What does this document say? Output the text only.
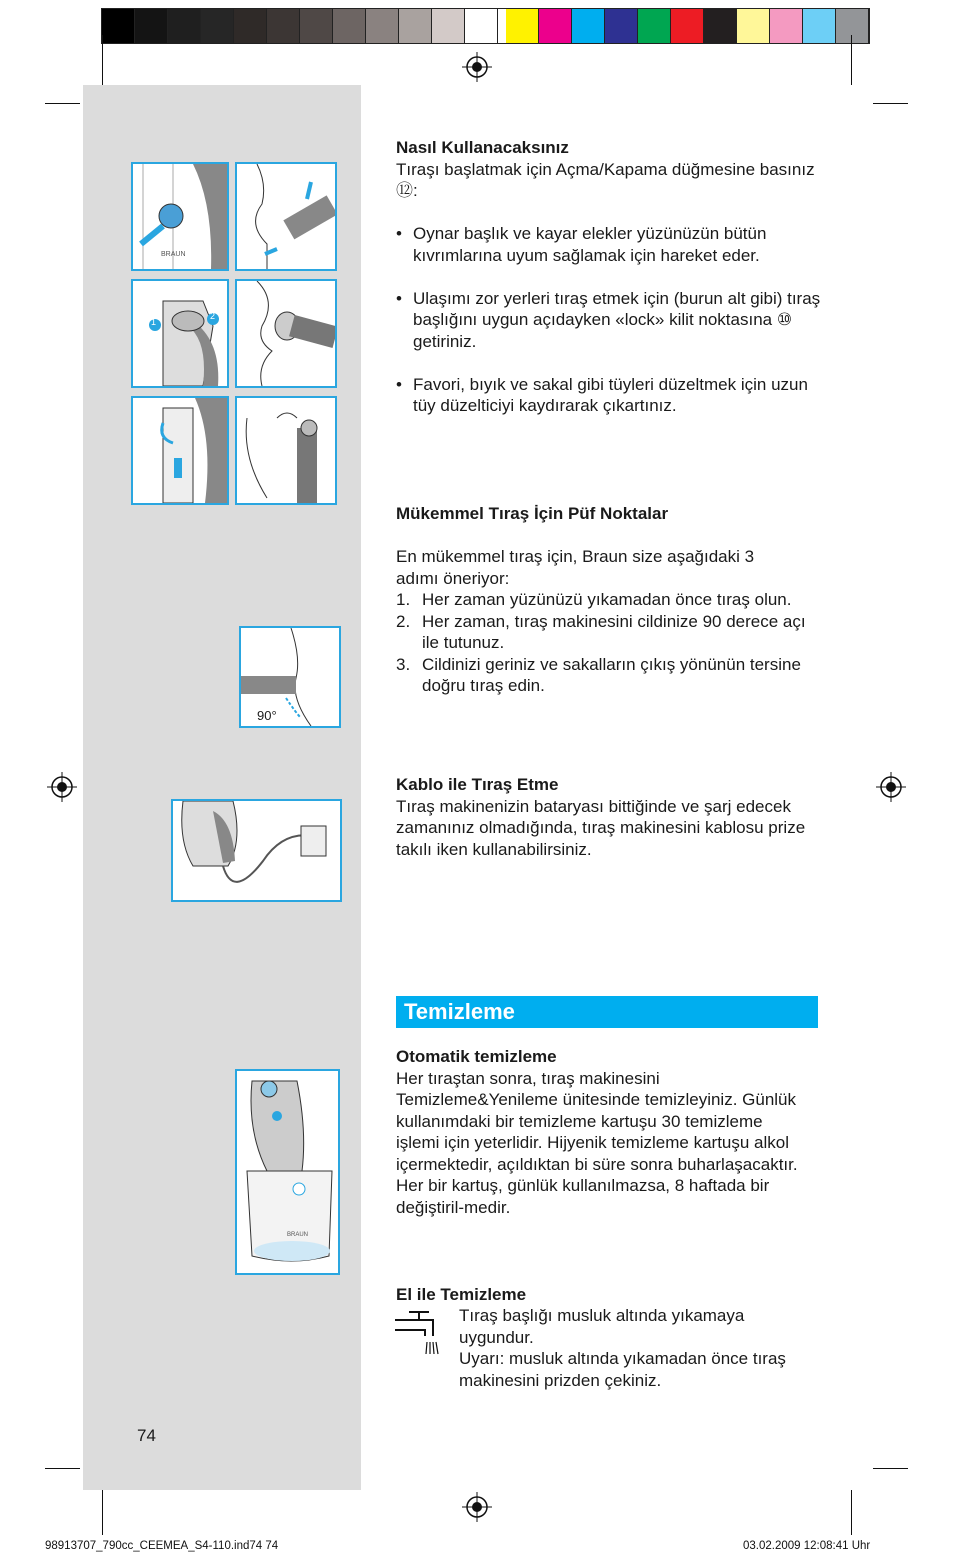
BRAUN
1
2
90°
BRAUN

Nasıl Kullanacaksınız

Tıraşı başlatmak için Açma/Kapama düğmesine basınız ⑫:

• Oynar başlık ve kayar elekler yüzünüzün bütün kıvrımlarına uyum sağlamak için hareket eder.

• Ulaşımı zor yerleri tıraş etmek için (burun alt gibi) tıraş başlığını uygun açıdayken «lock» kilit noktasına ⑩ getiriniz.

• Favori, bıyık ve sakal gibi tüyleri düzeltmek için uzun tüy düzelticiyi kaydırarak çıkartınız.

Mükemmel Tıraş İçin Püf Noktalar

En mükemmel tıraş için, Braun size aşağıdaki 3 adımı öneriyor:

1. Her zaman yüzünüzü yıkamadan önce tıraş olun.

2. Her zaman, tıraş makinesini cildinize 90 derece açı ile tutunuz.

3. Cildinizi geriniz ve sakalların çıkış yönünün tersine doğru tıraş edin.

Kablo ile Tıraş Etme

Tıraş makinenizin bataryası bittiğinde ve şarj edecek zamanınız olmadığında, tıraş makinesini kablosu prize takılı iken kullanabilirsiniz.

Temizleme

Otomatik temizleme

Her tıraştan sonra, tıraş makinesini Temizleme&Yenileme ünitesinde temizleyiniz. Günlük kullanımdaki bir temizleme kartuşu 30 temizleme işlemi için yeterlidir. Hijyenik temizleme kartuşu alkol içermektedir, açıldıktan bi süre sonra buharlaşacaktır. Her bir kartuş, günlük kullanılmazsa, 8 haftada bir değiştiril-medir.

El ile Temizleme

Tıraş başlığı musluk altında yıkamaya uygundur.

Uyarı: musluk altında yıkamadan önce tıraş makinesini prizden çekiniz.

74
98913707_790cc_CEEMEA_S4-110.ind74 74	03.02.2009 12:08:41 Uhr
